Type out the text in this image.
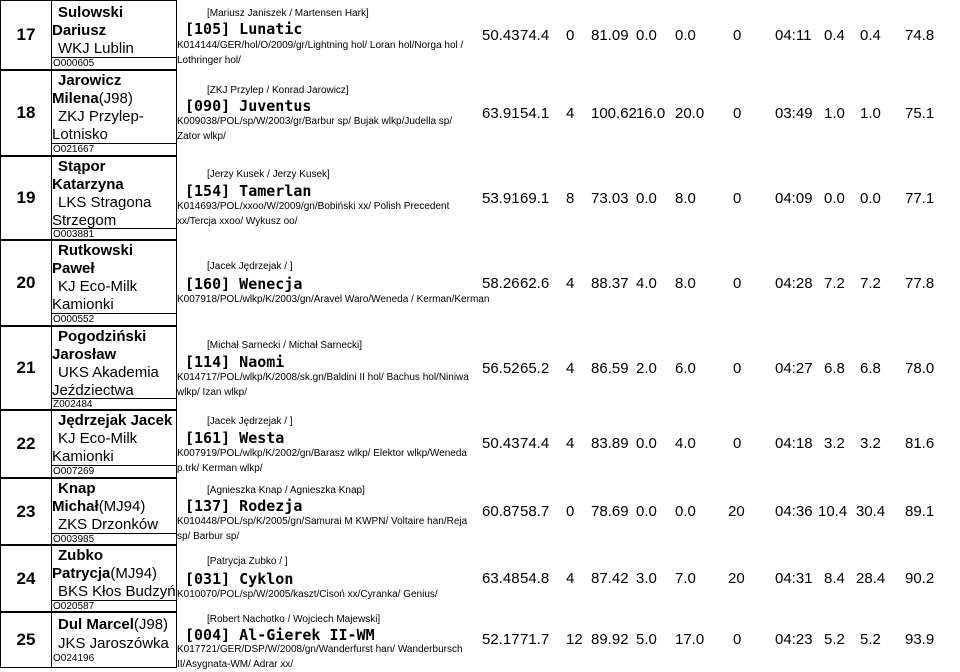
17
Sulowski
Dariusz
WKJ Lublin
O000605
[Mariusz Janiszek / Martensen Hark]
[105] Lunatic
K014144/GER/hol/O/2009/gr/Lightning hol/ Loran hol/Norga hol / Lothringer hol/
50.43 74.4 0 81.09 0.0 0.0 0 04:11 0.4 0.4 74.8
18
Jarowicz
Milena(J98)
ZKJ Przylep-
Lotnisko
O021667
[ZKJ Przylep / Konrad Jarowicz]
[090] Juventus
K009038/POL/sp/W/2003/gr/Barbur sp/ Bujak wlkp/Judella sp/ Zator wlkp/
63.91 54.1 4 100.62 16.0 20.0 0 03:49 1.0 1.0 75.1
19
Stąpor
Katarzyna
LKS Stragona
Strzegom
O003881
[Jerzy Kusek / Jerzy Kusek]
[154] Tamerlan
K014693/POL/xxoo/W/2009/gn/Bobiński xx/ Polish Precedent xx/Tercja xxoo/ Wykusz oo/
53.91 69.1 8 73.03 0.0 8.0 0 04:09 0.0 0.0 77.1
20
Rutkowski
Paweł
KJ Eco-Milk
Kamionki
O000552
[Jacek Jędrzejak / ]
[160] Wenecja
K007918/POL/wlkp/K/2003/gn/Aravel Waro/Weneda / Kerman/Kerman
58.26 62.6 4 88.37 4.0 8.0 0 04:28 7.2 7.2 77.8
21
Pogodziński
Jarosław
UKS Akademia
Jeździectwa
Z002484
[Michał Sarnecki / Michał Sarnecki]
[114] Naomi
K014717/POL/wlkp/K/2008/sk.gn/Baldini II hol/ Bachus hol/Niniwa wlkp/ Izan wlkp/
56.52 65.2 4 86.59 2.0 6.0 0 04:27 6.8 6.8 78.0
22
Jędrzejak Jacek
KJ Eco-Milk
Kamionki
O007269
[Jacek Jędrzejak / ]
[161] Westa
K007919/POL/wlkp/K/2002/gn/Barasz wlkp/ Elektor wlkp/Weneda p.trk/ Kerman wlkp/
50.43 74.4 4 83.89 0.0 4.0 0 04:18 3.2 3.2 81.6
23
Knap
Michał(MJ94)
ZKS Drzonków
O003985
[Agnieszka Knap / Agnieszka Knap]
[137] Rodezja
K010448/POL/sp/K/2005/gn/Samurai M KWPN/ Voltaire han/Reja sp/ Barbur sp/
60.87 58.7 0 78.69 0.0 0.0 20 04:36 10.4 30.4 89.1
24
Zubko
Patrycja(MJ94)
BKS Kłos Budzyń
O020587
[Patrycja Zubko / ]
[031] Cyklon
K010070/POL/sp/W/2005/kaszt/Cisoń xx/Cyranka/ Genius/
63.48 54.8 4 87.42 3.0 7.0 20 04:31 8.4 28.4 90.2
25
Dul Marcel(J98)
JKS Jaroszówka
O024196
[Robert Nachotko / Wojciech Majewski]
[004] Al-Gierek II-WM
K017721/GER/DSP/W/2008/gn/Wanderfurst han/ Wanderbursch II/Asygnata-WM/ Adrar xx/
52.17 71.7 12 89.92 5.0 17.0 0 04:23 5.2 5.2 93.9
